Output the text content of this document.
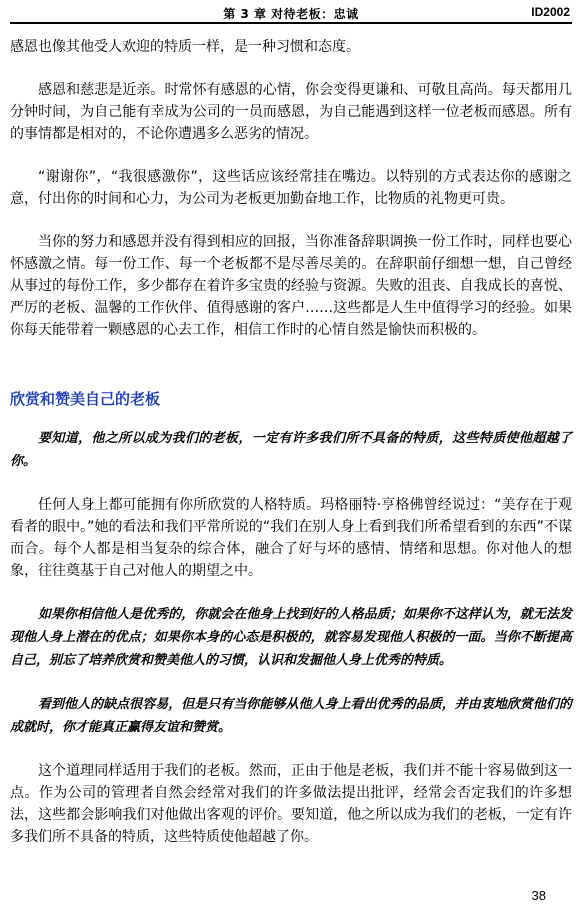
第 3 章 对待老板：忠诚	ID2002

感恩也像其他受人欢迎的特质一样，是一种习惯和态度。

感恩和慈悲是近亲。时常怀有感恩的心情，你会变得更谦和、可敬且高尚。每天都用几分钟时间，为自己能有幸成为公司的一员而感恩，为自己能遇到这样一位老板而感恩。所有的事情都是相对的，不论你遭遇多么恶劣的情况。

“谢谢你”，“我很感激你”，这些话应该经常挂在嘴边。以特别的方式表达你的感谢之意，付出你的时间和心力，为公司为老板更加勤奋地工作，比物质的礼物更可贵。

当你的努力和感恩并没有得到相应的回报，当你准备辞职调换一份工作时，同样也要心怀感激之情。每一份工作、每一个老板都不是尽善尽美的。在辞职前仔细想一想，自己曾经从事过的每份工作，多少都存在着许多宝贵的经验与资源。失败的沮丧、自我成长的喜悦、严厉的老板、温馨的工作伙伴、值得感谢的客户……这些都是人生中值得学习的经验。如果你每天能带着一颗感恩的心去工作，相信工作时的心情自然是愉快而积极的。

欣赏和赞美自己的老板

要知道，他之所以成为我们的老板，一定有许多我们所不具备的特质，这些特质使他超越了你。

任何人身上都可能拥有你所欣赏的人格特质。玛格丽特·亨格佛曾经说过：“美存在于观看者的眼中。”她的看法和我们平常所说的“我们在别人身上看到我们所希望看到的东西”不谋而合。每个人都是相当复杂的综合体，融合了好与坏的感情、情绪和思想。你对他人的想象，往往奠基于自己对他人的期望之中。

如果你相信他人是优秀的，你就会在他身上找到好的人格品质；如果你不这样认为，就无法发现他人身上潜在的优点；如果你本身的心态是积极的，就容易发现他人积极的一面。当你不断提高自己，别忘了培养欣赏和赞美他人的习惯，认识和发掘他人身上优秀的特质。

看到他人的缺点很容易，但是只有当你能够从他人身上看出优秀的品质，并由衷地欣赏他们的成就时，你才能真正赢得友谊和赞赏。

这个道理同样适用于我们的老板。然而，正由于他是老板，我们并不能十容易做到这一点。作为公司的管理者自然会经常对我们的许多做法提出批评，经常会否定我们的许多想法，这些都会影响我们对他做出客观的评价。要知道，他之所以成为我们的老板，一定有许多我们所不具备的特质，这些特质使他超越了你。

38
